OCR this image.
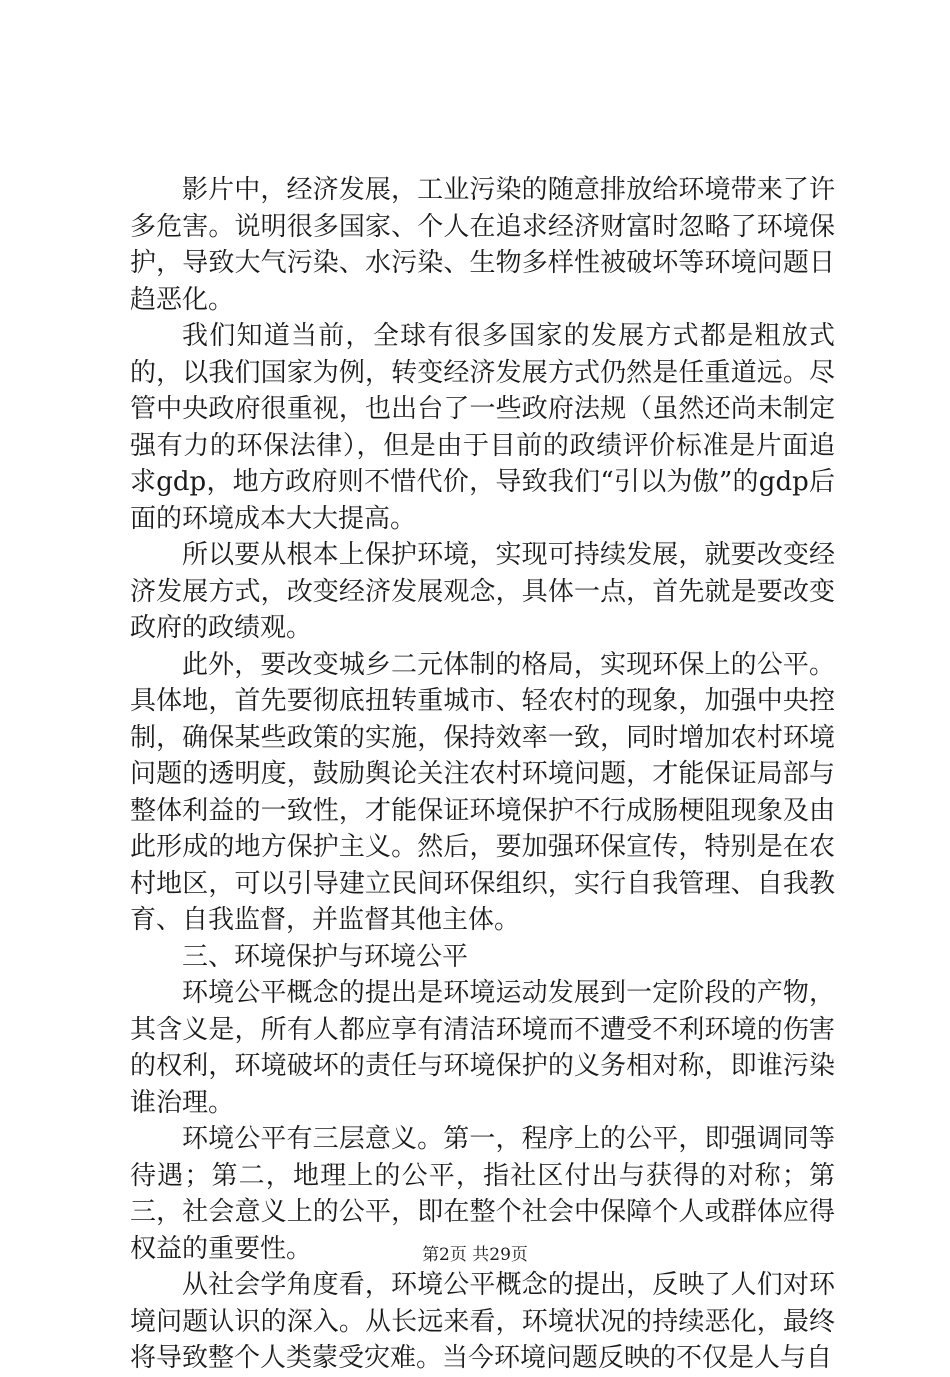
影片中，经济发展，工业污染的随意排放给环境带来了许多危害。说明很多国家、个人在追求经济财富时忽略了环境保护，导致大气污染、水污染、生物多样性被破坏等环境问题日趋恶化。

我们知道当前，全球有很多国家的发展方式都是粗放式的，以我们国家为例，转变经济发展方式仍然是任重道远。尽管中央政府很重视，也出台了一些政府法规（虽然还尚未制定强有力的环保法律），但是由于目前的政绩评价标准是片面追求gdp，地方政府则不惜代价，导致我们“引以为傲”的gdp后面的环境成本大大提高。

所以要从根本上保护环境，实现可持续发展，就要改变经济发展方式，改变经济发展观念，具体一点，首先就是要改变政府的政绩观。

此外，要改变城乡二元体制的格局，实现环保上的公平。具体地，首先要彻底扭转重城市、轻农村的现象，加强中央控制，确保某些政策的实施，保持效率一致，同时增加农村环境问题的透明度，鼓励舆论关注农村环境问题，才能保证局部与整体利益的一致性，才能保证环境保护不行成肠梗阻现象及由此形成的地方保护主义。然后，要加强环保宣传，特别是在农村地区，可以引导建立民间环保组织，实行自我管理、自我教育、自我监督，并监督其他主体。

三、环境保护与环境公平

环境公平概念的提出是环境运动发展到一定阶段的产物，其含义是，所有人都应享有清洁环境而不遭受不利环境的伤害的权利，环境破坏的责任与环境保护的义务相对称，即谁污染谁治理。

环境公平有三层意义。第一，程序上的公平，即强调同等待遇；第二，地理上的公平，指社区付出与获得的对称；第三，社会意义上的公平，即在整个社会中保障个人或群体应得权益的重要性。

从社会学角度看，环境公平概念的提出，反映了人们对环境问题认识的深入。从长远来看，环境状况的持续恶化，最终将导致整个人类蒙受灾难。当今环境问题反映的不仅是人与自

第2页 共29页
